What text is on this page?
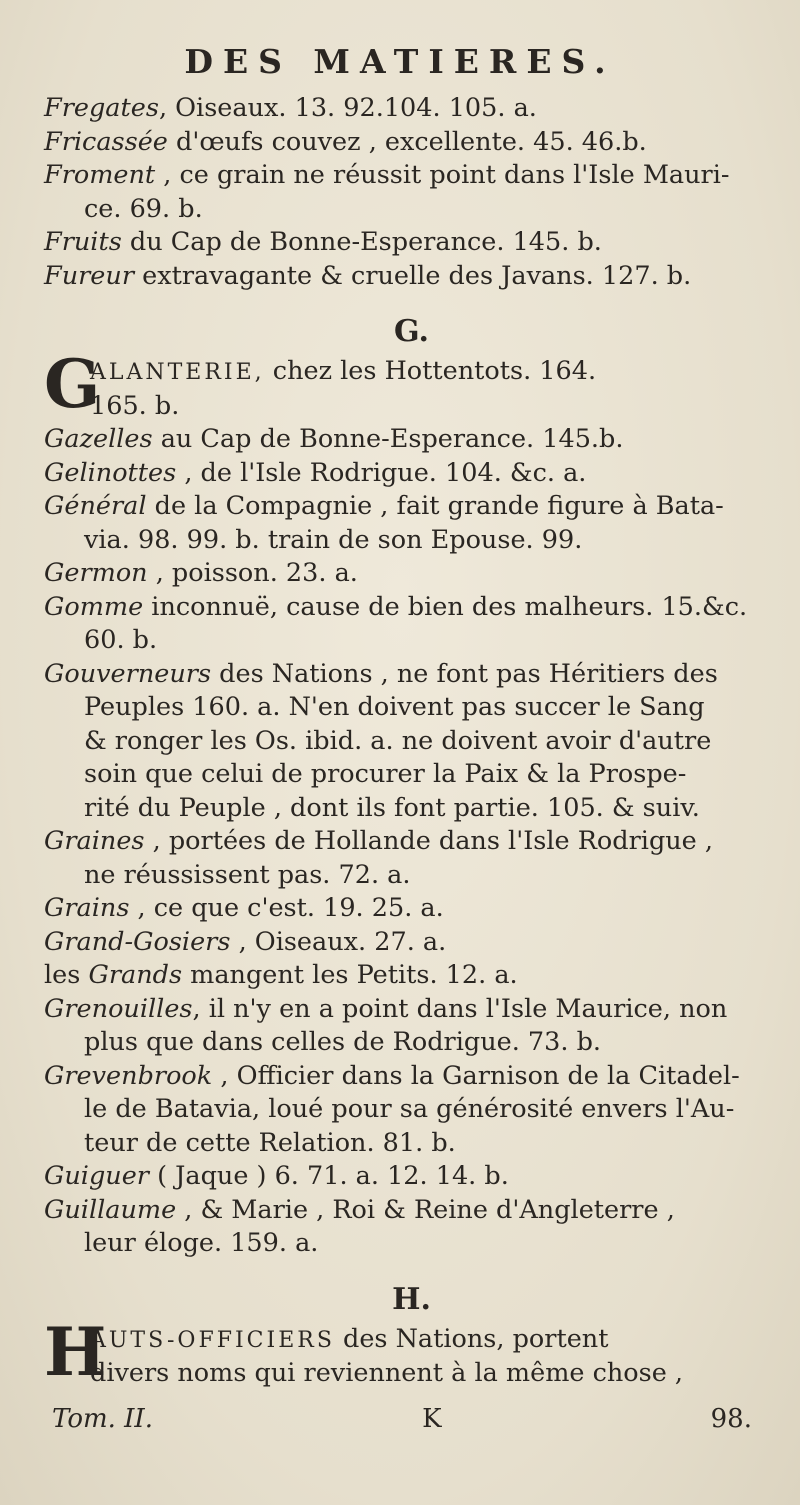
DES MATIERES.
Fregates, Oiseaux. 13. 92.104. 105. a.
Fricassée d'œufs couvez , excellente. 45. 46.b.
Froment , ce grain ne réussit point dans l'Isle Mauri-
ce. 69. b.
Fruits du Cap de Bonne-Esperance. 145. b.
Fureur extravagante & cruelle des Javans. 127. b.
G.
G
ALANTERIE, chez les Hottentots. 164.
165. b.
Gazelles au Cap de Bonne-Esperance. 145.b.
Gelinottes , de l'Isle Rodrigue. 104. &c. a.
Général de la Compagnie , fait grande figure à Bata-
via. 98. 99. b. train de son Epouse. 99.
Germon , poisson. 23. a.
Gomme inconnuë, cause de bien des malheurs. 15.&c.
60. b.
Gouverneurs des Nations , ne font pas Héritiers des
Peuples 160. a. N'en doivent pas succer le Sang
& ronger les Os. ibid. a. ne doivent avoir d'autre
soin que celui de procurer la Paix & la Prospe-
rité du Peuple , dont ils font partie. 105. & suiv.
Graines , portées de Hollande dans l'Isle Rodrigue ,
ne réussissent pas. 72. a.
Grains , ce que c'est. 19. 25. a.
Grand-Gosiers , Oiseaux. 27. a.
les Grands mangent les Petits. 12. a.
Grenouilles, il n'y en a point dans l'Isle Maurice, non
plus que dans celles de Rodrigue. 73. b.
Grevenbrook , Officier dans la Garnison de la Citadel-
le de Batavia, loué pour sa générosité envers l'Au-
teur de cette Relation. 81. b.
Guiguer ( Jaque ) 6. 71. a. 12. 14. b.
Guillaume , & Marie , Roi & Reine d'Angleterre ,
leur éloge. 159. a.
H.
H
AUTS-OFFICIERS des Nations, portent
divers noms qui reviennent à la même chose ,
Tom. II.	K	98.
